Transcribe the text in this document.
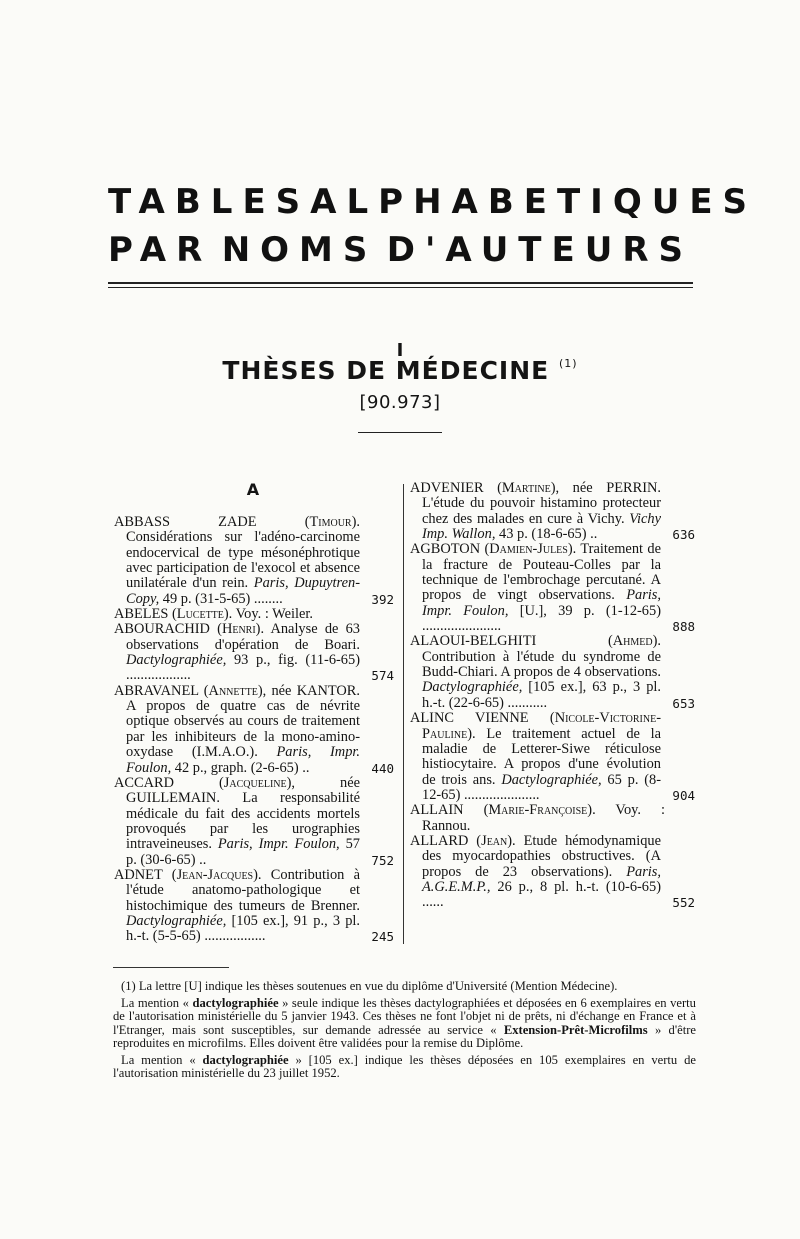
TABLES ALPHABETIQUES
PAR NOMS D'AUTEURS
I
THÈSES DE MÉDECINE $^{(1)}$
[90.973]
A
ABBASS ZADE	(Timour). Considérations sur l'adéno-carcinome endocervical de type mésonéphrotique avec participation de l'exocol et absence unilatérale d'un rein. Paris, Dupuytren-Copy, 49 p. (31-5-65) ........	392
ABELES (Lucette). Voy. : Weiler.
ABOURACHID (Henri). Analyse de 63 observations d'opération de Boari. Dactylographiée, 93 p., fig. (11-6-65) ..................	574
ABRAVANEL (Annette), née KANTOR. A propos de quatre cas de névrite optique observés au cours de traitement par les inhibiteurs de la mono-amino-oxydase (I.M.A.O.). Paris, Impr. Foulon, 42 p., graph. (2-6-65) ..	440
ACCARD	(Jacqueline), née GUILLEMAIN. La responsabilité médicale du fait des accidents mortels provoqués par les urographies intraveineuses. Paris, Impr. Foulon, 57 p. (30-6-65) ..	752
ADNET (Jean-Jacques). Contribution à l'étude anatomo-pathologique et histochimique des tumeurs de Brenner. Dactylographiée, [105 ex.], 91 p., 3 pl. h.-t. (5-5-65) .................	245
ADVENIER (Martine), née PERRIN. L'étude du pouvoir histamino protecteur chez des malades en cure à Vichy. Vichy Imp. Wallon, 43 p. (18-6-65) ..	636
AGBOTON (Damien-Jules). Traitement de la fracture de Pouteau-Colles par la technique de l'embrochage percutané. A propos de vingt observations. Paris, Impr. Foulon, [U.], 39 p. (1-12-65) ......................	888
ALAOUI-BELGHITI	(Ahmed). Contribution à l'étude du syndrome de Budd-Chiari. A propos de 4 observations. Dactylographiée, [105 ex.], 63 p., 3 pl. h.-t. (22-6-65) ...........	653
ALINC VIENNE (Nicole-Victorine-Pauline). Le traitement actuel de la maladie de Letterer-Siwe réticulose histiocytaire. A propos d'une évolution de trois ans. Dactylographiée, 65 p. (8-12-65) .....................	904
ALLAIN (Marie-Françoise). Voy. : Rannou.
ALLARD (Jean). Etude hémodynamique des myocardopathies obstructives. (A propos de 23 observations). Paris, A.G.E.M.P., 26 p., 8 pl. h.-t. (10-6-65) ......	552

(1) La lettre [U] indique les thèses soutenues en vue du diplôme d'Université (Mention Médecine).

La mention « dactylographiée » seule indique les thèses dactylographiées et déposées en 6 exemplaires en vertu de l'autorisation ministérielle du 5 janvier 1943. Ces thèses ne font l'objet ni de prêts, ni d'échange en France et à l'Etranger, mais sont susceptibles, sur demande adressée au service « Extension-Prêt-Microfilms » d'être reproduites en microfilms. Elles doivent être validées pour la remise du Diplôme.

La mention « dactylographiée » [105 ex.] indique les thèses déposées en 105 exemplaires en vertu de l'autorisation ministérielle du 23 juillet 1952.
